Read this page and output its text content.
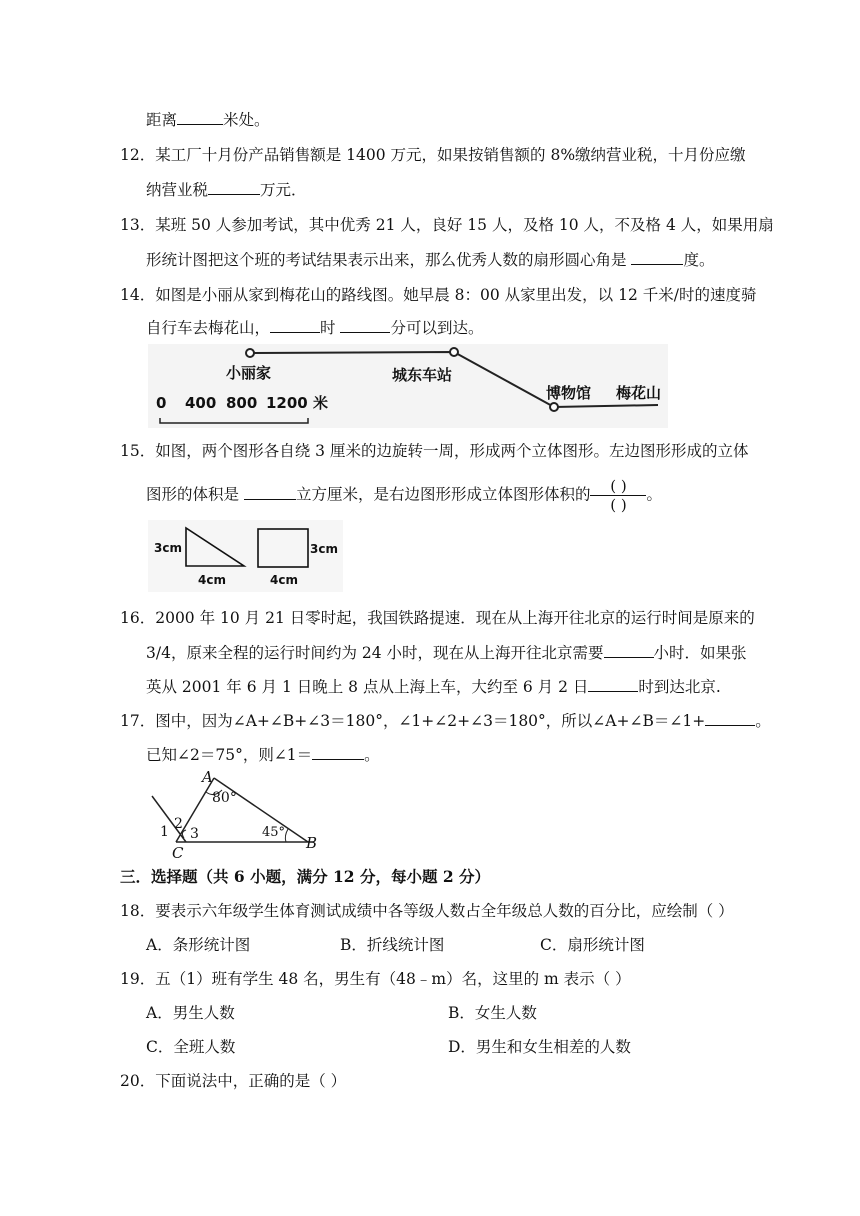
距离	米处。
12．某工厂十月份产品销售额是 1400 万元，如果按销售额的 8%缴纳营业税，十月份应缴
纳营业税	万元．
13．某班 50 人参加考试，其中优秀 21 人，良好 15 人，及格 10 人，不及格 4 人，如果用扇
形统计图把这个班的考试结果表示出来，那么优秀人数的扇形圆心角是	度。
14．如图是小丽从家到梅花山的路线图。她早晨 8：00 从家里出发，以 12 千米/时的速度骑
自行车去梅花山，	时	分可以到达。
小丽家	城东车站
博物馆 梅花山
0 400 800 1200 米
15．如图，两个图形各自绕 3 厘米的边旋转一周，形成两个立体图形。左边图形形成的立体
图形的体积是	立方厘米，是右边图形形成立体图形体积的$\frac{( )}{( )}$。
3cm
4cm
3cm
4cm
16．2000 年 10 月 21 日零时起，我国铁路提速．现在从上海开往北京的运行时间是原来的
3/4，原来全程的运行时间约为 24 小时，现在从上海开往北京需要	小时．如果张
英从 2001 年 6 月 1 日晚上 8 点从上海上车，大约至 6 月 2 日	时到达北京.
17．图中，因为∠A+∠B+∠3＝180°，∠1+∠2+∠3＝180°，所以∠A+∠B＝∠1+	。
已知∠2＝75°，则∠1＝	。
A
80°
45°
B
C
1 2
3
三．选择题（共 6 小题，满分 12 分，每小题 2 分）
18．要表示六年级学生体育测试成绩中各等级人数占全年级总人数的百分比，应绘制（ ）
A．条形统计图	B．折线统计图	C．扇形统计图
19．五（1）班有学生 48 名，男生有（48﹣m）名，这里的 m 表示（ ）
A．男生人数	B．女生人数
C．全班人数	D．男生和女生相差的人数
20．下面说法中，正确的是（ ）
